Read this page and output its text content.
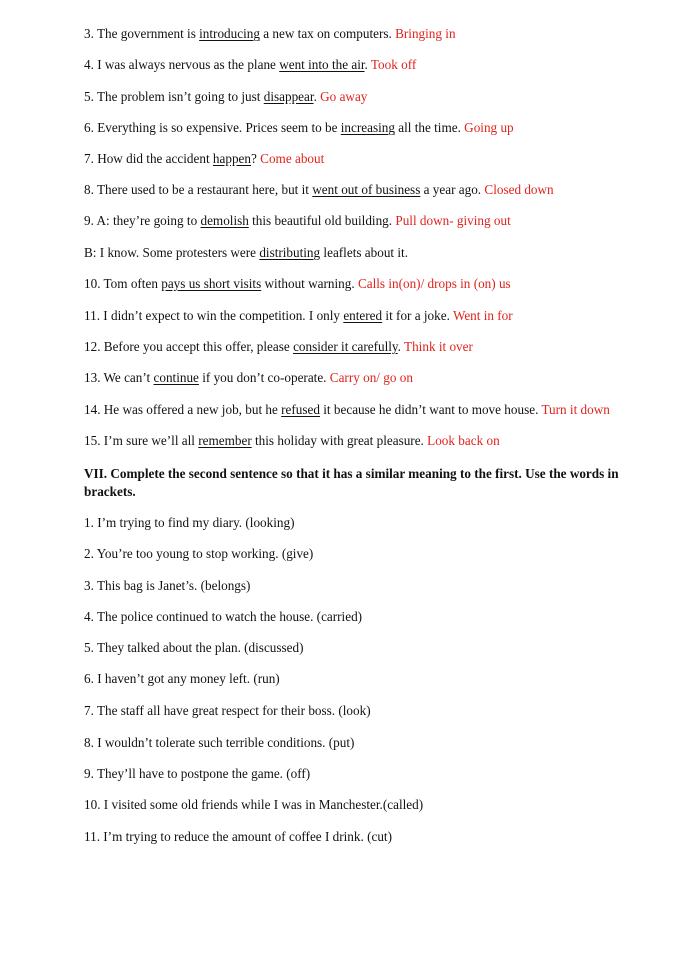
3. The government is introducing a new tax on computers. Bringing in
4. I was always nervous as the plane went into the air. Took off
5. The problem isn’t going to just disappear. Go away
6. Everything is so expensive. Prices seem to be increasing all the time. Going up
7. How did the accident happen? Come about
8. There used to be a restaurant here, but it went out of business a year ago. Closed down
9. A: they’re going to demolish this beautiful old building. Pull down- giving out
B: I know. Some protesters were distributing leaflets about it.
10. Tom often pays us short visits without warning. Calls in(on)/ drops in (on) us
11. I didn’t expect to win the competition. I only entered it for a joke. Went in for
12. Before you accept this offer, please consider it carefully. Think it over
13. We can’t continue if you don’t co-operate. Carry on/ go on
14. He was offered a new job, but he refused it because he didn’t want to move house. Turn it down
15. I’m sure we’ll all remember this holiday with great pleasure. Look back on
VII. Complete the second sentence so that it has a similar meaning to the first. Use the words in brackets.
1. I’m trying to find my diary. (looking)
2. You’re too young to stop working. (give)
3. This bag is Janet’s. (belongs)
4. The police continued to watch the house. (carried)
5. They talked about the plan. (discussed)
6. I haven’t got any money left. (run)
7. The staff all have great respect for their boss. (look)
8. I wouldn’t tolerate such terrible conditions. (put)
9. They’ll have to postpone the game. (off)
10. I visited some old friends while I was in Manchester.(called)
11. I’m trying to reduce the amount of coffee I drink. (cut)
